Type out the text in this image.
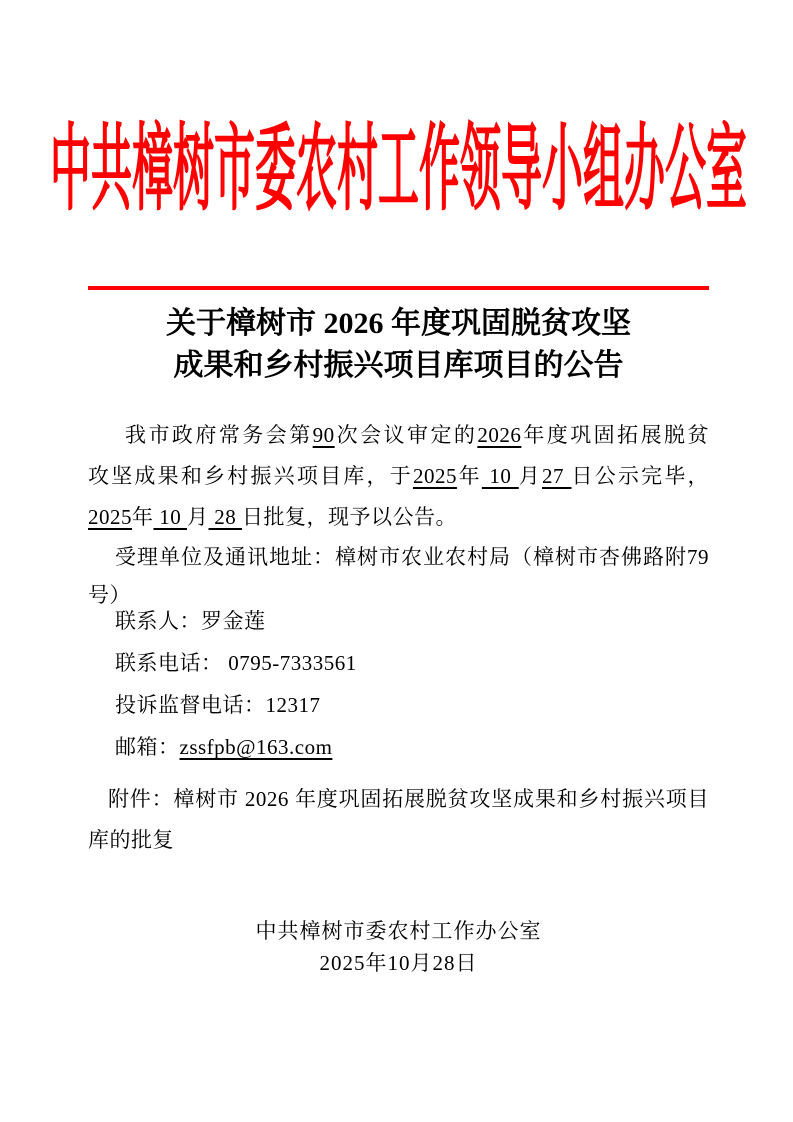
中共樟树市委农村工作领导小组办公室
关于樟树市 2026 年度巩固脱贫攻坚
成果和乡村振兴项目库项目的公告
我市政府常务会第90次会议审定的2026年度巩固拓展脱贫
攻坚成果和乡村振兴项目库，于2025年 10 月27 日公示完毕，
2025年 10 月 28 日批复，现予以公告。
受理单位及通讯地址：樟树市农业农村局（樟树市杏佛路附79
号）
联系人：罗金莲
联系电话： 0795-7333561
投诉监督电话：12317
邮箱：zssfpb@163.com
附件：樟树市 2026 年度巩固拓展脱贫攻坚成果和乡村振兴项目
库的批复
中共樟树市委农村工作办公室
2025年10月28日
